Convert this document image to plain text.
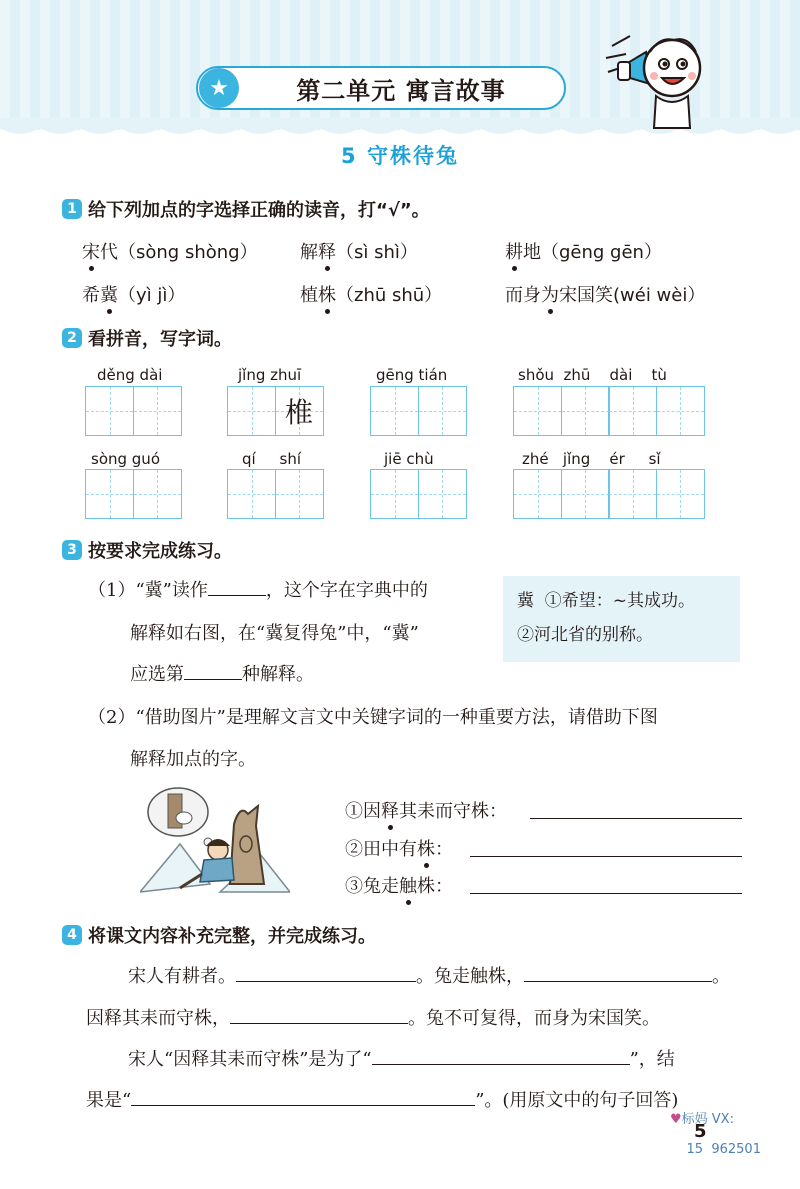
★	第二单元 寓言故事
5 守株待兔
1 给下列加点的字选择正确的读音，打“√”。
宋代（sòng shòng） 解释（sì shì）	耕地（gēng gēn）
希冀（yì jì）	植株（zhū shū）	而身为宋国笑(wéi wèi）
2 看拼音，写字词。
děng dài	jǐng zhuī	gēng tián	shǒu  zhū    dài    tù
椎
sòng guó	qí     shí	jiē chù	zhé   jǐng    ér     sǐ
3 按要求完成练习。
（1）“冀”读作	，这个字在字典中的
解释如右图，在“冀复得兔”中，“冀”
应选第	种解释。
冀  ①希望：~其成功。
②河北省的别称。
（2）“借助图片”是理解文言文中关键字词的一种重要方法，请借助下图
解释加点的字。
①因释其耒而守株：
②田中有株：
③兔走触株：
4 将课文内容补充完整，并完成练习。
宋人有耕者。	。兔走触株，	。
因释其耒而守株，	。兔不可复得，而身为宋国笑。
宋人“因释其耒而守株”是为了“	”，结
果是“	”。(用原文中的句子回答)
♥标妈 VX:

15  962501

5
